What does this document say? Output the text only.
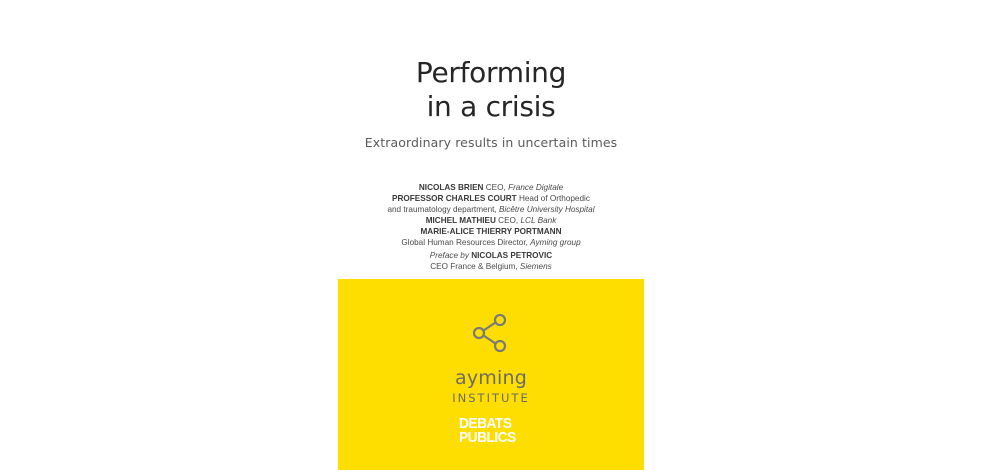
Performing
in a crisis
Extraordinary results in uncertain times
NICOLAS BRIEN CEO, France Digitale
PROFESSOR CHARLES COURT Head of Orthopedic
and traumatology department, Bicêtre University Hospital
MICHEL MATHIEU CEO, LCL Bank
MARIE-ALICE THIERRY PORTMANN
Global Human Resources Director, Ayming group
Preface by NICOLAS PETROVIC
CEO France & Belgium, Siemens
ayming
INSTITUTE
DEBATS
PUBLICS
